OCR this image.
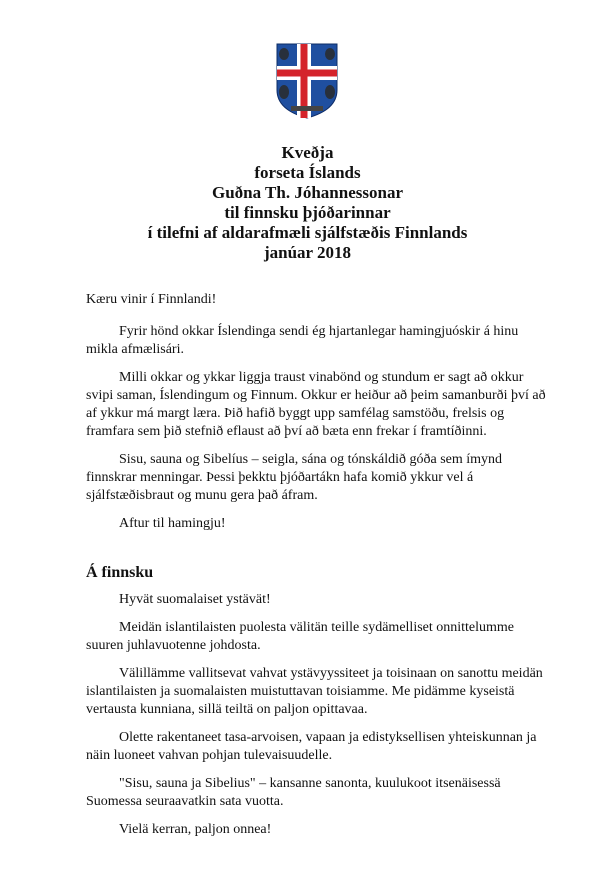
Kveðja
forseta Íslands
Guðna Th. Jóhannessonar
til finnsku þjóðarinnar
í tilefni af aldarafmæli sjálfstæðis Finnlands
janúar 2018

Kæru vinir í Finnlandi!

Fyrir hönd okkar Íslendinga sendi ég hjartanlegar hamingjuóskir á hinu mikla afmælisári.

Milli okkar og ykkar liggja traust vinabönd og stundum er sagt að okkur svipi saman, Íslendingum og Finnum. Okkur er heiður að þeim samanburði því að af ykkur má margt læra. Þið hafið byggt upp samfélag samstöðu, frelsis og framfara sem þið stefnið eflaust að því að bæta enn frekar í framtíðinni.

Sisu, sauna og Sibelíus – seigla, sána og tónskáldið góða sem ímynd finnskrar menningar. Þessi þekktu þjóðartákn hafa komið ykkur vel á sjálfstæðisbraut og munu gera það áfram.

Aftur til hamingju!

Á finnsku

Hyvät suomalaiset ystävät!

Meidän islantilaisten puolesta välitän teille sydämelliset onnittelumme suuren juhlavuotenne johdosta.

Välillämme vallitsevat vahvat ystävyyssiteet ja toisinaan on sanottu meidän islantilaisten ja suomalaisten muistuttavan toisiamme. Me pidämme kyseistä vertausta kunniana, sillä teiltä on paljon opittavaa.

Olette rakentaneet tasa-arvoisen, vapaan ja edistyksellisen yhteiskunnan ja näin luoneet vahvan pohjan tulevaisuudelle.

"Sisu, sauna ja Sibelius" – kansanne sanonta, kuulukoot itsenäisessä Suomessa seuraavatkin sata vuotta.

Vielä kerran, paljon onnea!
